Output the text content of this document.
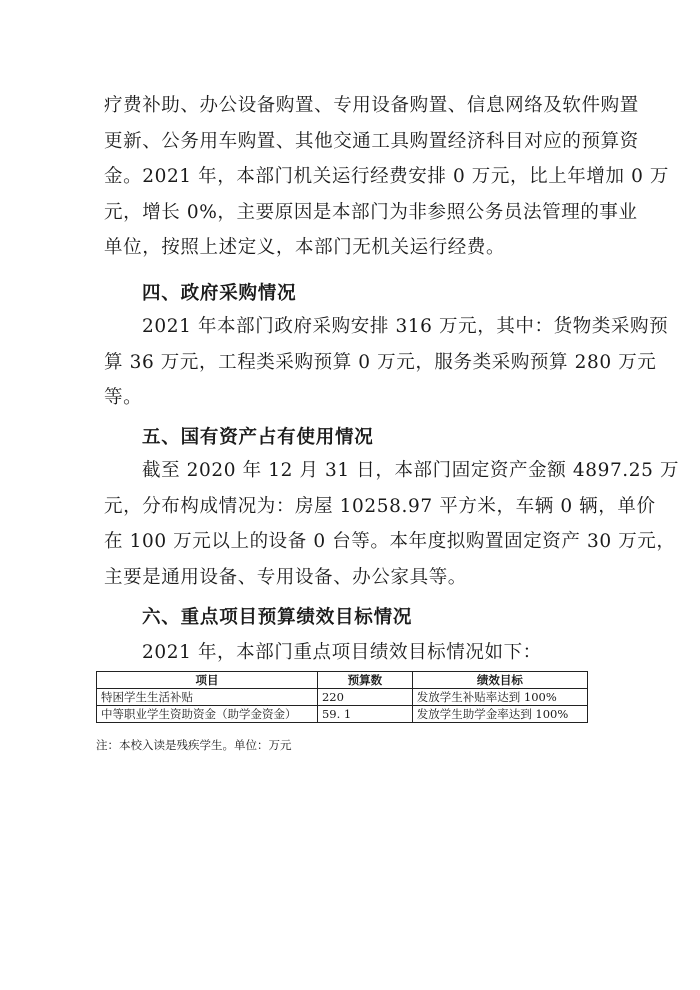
疗费补助、办公设备购置、专用设备购置、信息网络及软件购置
更新、公务用车购置、其他交通工具购置经济科目对应的预算资
金。2021 年，本部门机关运行经费安排 0 万元，比上年增加 0 万
元，增长 0%，主要原因是本部门为非参照公务员法管理的事业
单位，按照上述定义，本部门无机关运行经费。
四、政府采购情况
2021 年本部门政府采购安排 316 万元，其中：货物类采购预
算 36 万元，工程类采购预算 0 万元，服务类采购预算 280 万元
等。
五、国有资产占有使用情况
截至 2020 年 12 月 31 日，本部门固定资产金额 4897.25 万
元，分布构成情况为：房屋 10258.97 平方米，车辆 0 辆，单价
在 100 万元以上的设备 0 台等。本年度拟购置固定资产 30 万元，
主要是通用设备、专用设备、办公家具等。
六、重点项目预算绩效目标情况
2021 年，本部门重点项目绩效目标情况如下：
项目	预算数	绩效目标
特困学生生活补贴	220	发放学生补贴率达到 100%
中等职业学生资助资金（助学金资金）	59. 1	发放学生助学金率达到 100%
注：本校入读是残疾学生。单位：万元
